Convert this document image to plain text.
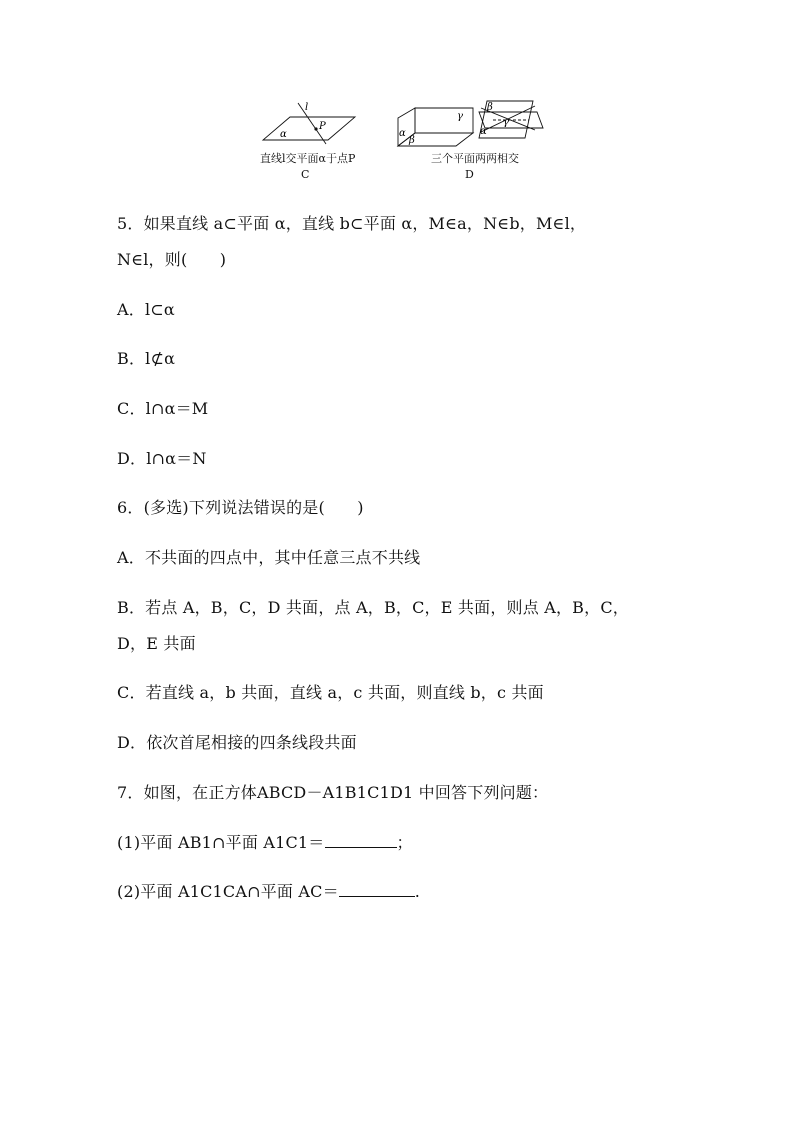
l
P
α
直线l交平面α于点P
C
γ
α
β
β
γ
α
三个平面两两相交
D
5．如果直线 a⊂平面 α，直线 b⊂平面 α，M∈a，N∈b，M∈l，
N∈l，则(　　)
A．l⊂α
B．l⊄α
C．l∩α＝M
D．l∩α＝N
6．(多选)下列说法错误的是(　　)
A．不共面的四点中，其中任意三点不共线
B．若点 A，B，C，D 共面，点 A，B，C，E 共面，则点 A，B，C，
D，E 共面
C．若直线 a，b 共面，直线 a，c 共面，则直线 b，c 共面
D．依次首尾相接的四条线段共面
7．如图，在正方体ABCD－A1B1C1D1 中回答下列问题：
(1)平面 AB1∩平面 A1C1＝	；
(2)平面 A1C1CA∩平面 AC＝	.
